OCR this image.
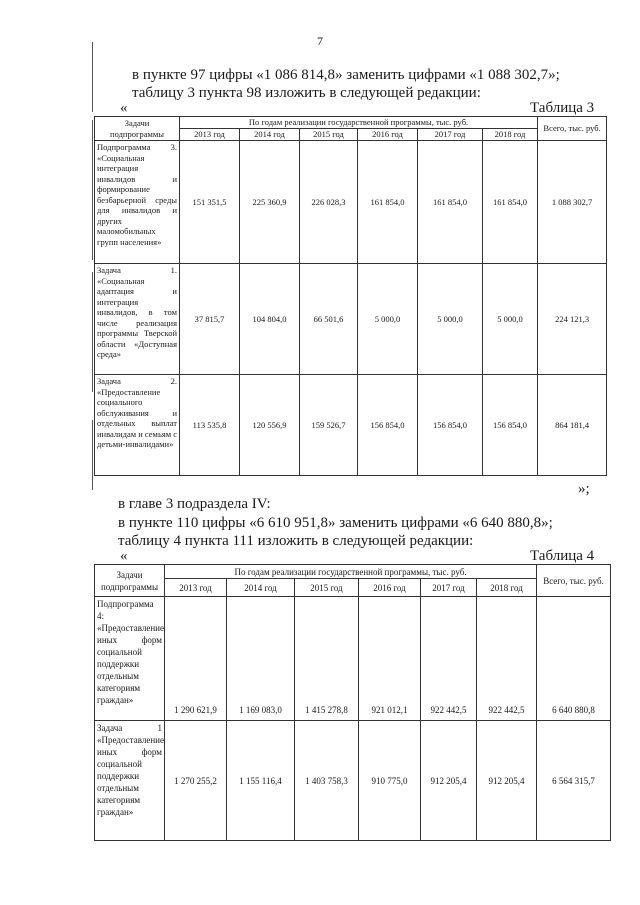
7
в пункте 97 цифры «1 086 814,8» заменить цифрами «1 088 302,7»;
таблицу 3 пункта 98 изложить в следующей редакции:
«	Таблица 3
Задачи подпрограммы	По годам реализации государственной программы, тыс. руб.						Всего, тыс. руб.
	2013 год	2014 год	2015 год	2016 год	2017 год	2018 год	
Подпрограмма 3. «Социальная интеграция инвалидов и формирование безбарьерной среды для инвалидов и других маломобильных групп населения»	151 351,5	225 360,9	226 028,3	161 854,0	161 854,0	161 854,0	1 088 302,7
Задача 1. «Социальная адаптация и интеграция инвалидов, в том числе реализация программы Тверской области «Доступная среда»	37 815,7	104 804,0	66 501,6	5 000,0	5 000,0	5 000,0	224 121,3
Задача 2. «Предоставление социального обслуживания и отдельных выплат инвалидам и семьям с детьми-инвалидами»	113 535,8	120 556,9	159 526,7	156 854,0	156 854,0	156 854,0	864 181,4
»;
в главе 3 подраздела IV:
в пункте 110 цифры «6 610 951,8» заменить цифрами «6 640 880,8»;
таблицу 4 пункта 111 изложить в следующей редакции:
«	Таблица 4
Задачи подпрограммы	По годам реализации государственной программы, тыс. руб.						Всего, тыс. руб.
	2013 год	2014 год	2015 год	2016 год	2017 год	2018 год	
Подпрограмма 4: «Предоставление иных форм социальной поддержки отдельным категориям граждан»	1 290 621,9	1 169 083,0	1 415 278,8	921 012,1	922 442,5	922 442,5	6 640 880,8
Задача 1 «Предоставление иных форм социальной поддержки отдельным категориям граждан»	1 270 255,2	1 155 116,4	1 403 758,3	910 775,0	912 205,4	912 205,4	6 564 315,7
